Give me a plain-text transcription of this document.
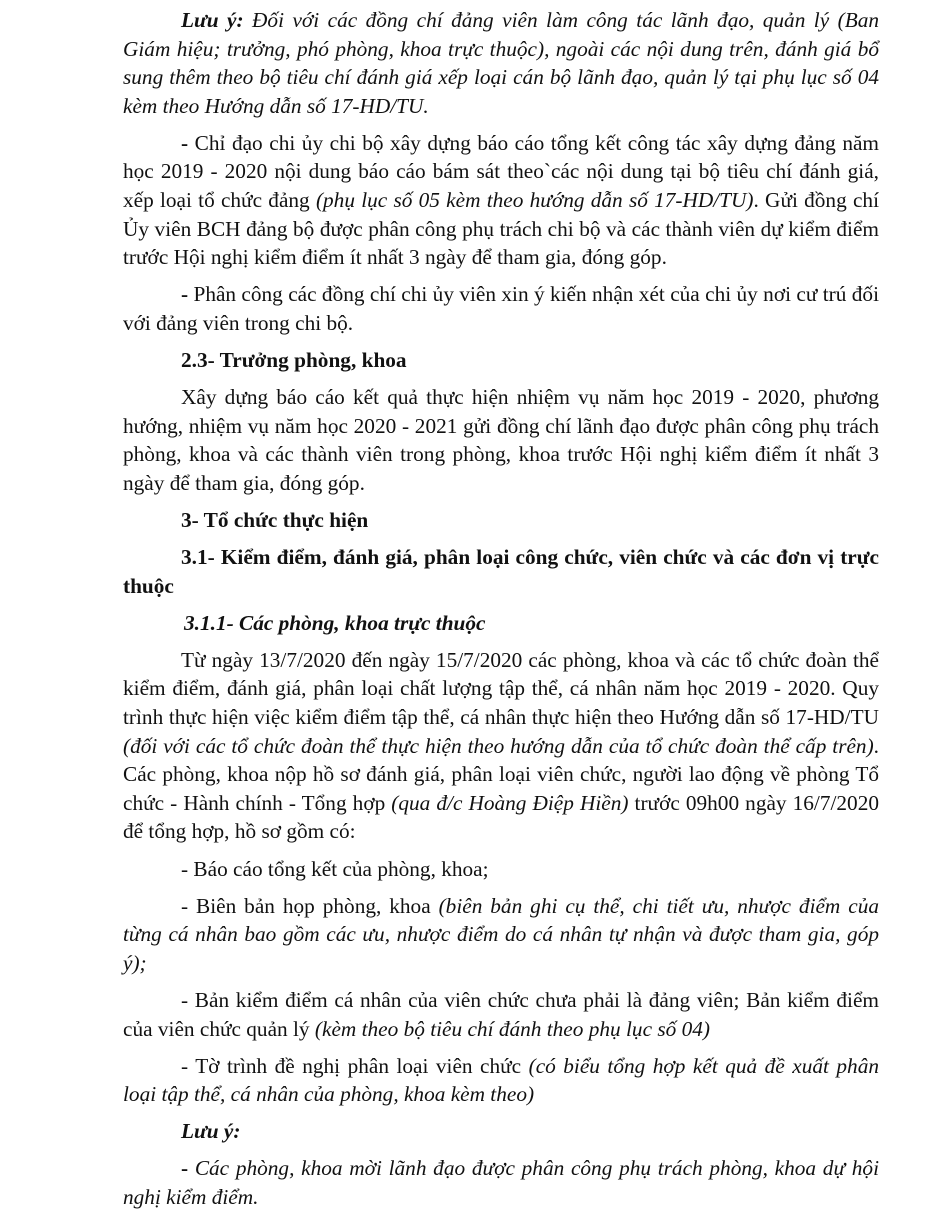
Lưu ý: Đối với các đồng chí đảng viên làm công tác lãnh đạo, quản lý (Ban Giám hiệu; trưởng, phó phòng, khoa trực thuộc), ngoài các nội dung trên, đánh giá bổ sung thêm theo bộ tiêu chí đánh giá xếp loại cán bộ lãnh đạo, quản lý tại phụ lục số 04 kèm theo Hướng dẫn số 17-HD/TU.

- Chỉ đạo chi ủy chi bộ xây dựng báo cáo tổng kết công tác xây dựng đảng năm học 2019 - 2020 nội dung báo cáo bám sát theo`các nội dung tại bộ tiêu chí đánh giá, xếp loại tổ chức đảng (phụ lục số 05 kèm theo hướng dẫn số 17-HD/TU). Gửi đồng chí Ủy viên BCH đảng bộ được phân công phụ trách chi bộ và các thành viên dự kiểm điểm trước Hội nghị kiểm điểm ít nhất 3 ngày để tham gia, đóng góp.

- Phân công các đồng chí chi ủy viên xin ý kiến nhận xét của chi ủy nơi cư trú đối với đảng viên trong chi bộ.

2.3- Trưởng phòng, khoa

Xây dựng báo cáo kết quả thực hiện nhiệm vụ năm học 2019 - 2020, phương hướng, nhiệm vụ năm học 2020 - 2021 gửi đồng chí lãnh đạo được phân công phụ trách phòng, khoa và các thành viên trong phòng, khoa trước Hội nghị kiểm điểm ít nhất 3 ngày để tham gia, đóng góp.

3- Tổ chức thực hiện

3.1- Kiểm điểm, đánh giá, phân loại công chức, viên chức và các đơn vị trực thuộc

3.1.1- Các phòng, khoa trực thuộc

Từ ngày 13/7/2020 đến ngày 15/7/2020 các phòng, khoa và các tổ chức đoàn thể kiểm điểm, đánh giá, phân loại chất lượng tập thể, cá nhân năm học 2019 - 2020. Quy trình thực hiện việc kiểm điểm tập thể, cá nhân thực hiện theo Hướng dẫn số 17-HD/TU (đối với các tổ chức đoàn thể thực hiện theo hướng dẫn của tổ chức đoàn thể cấp trên). Các phòng, khoa nộp hồ sơ đánh giá, phân loại viên chức, người lao động về phòng Tổ chức - Hành chính - Tổng hợp (qua đ/c Hoàng Điệp Hiền) trước 09h00 ngày 16/7/2020 để tổng hợp, hồ sơ gồm có:

- Báo cáo tổng kết của phòng, khoa;

- Biên bản họp phòng, khoa (biên bản ghi cụ thể, chi tiết ưu, nhược điểm của từng cá nhân bao gồm các ưu, nhược điểm do cá nhân tự nhận và được tham gia, góp ý);

- Bản kiểm điểm cá nhân của viên chức chưa phải là đảng viên; Bản kiểm điểm của viên chức quản lý (kèm theo bộ tiêu chí đánh theo phụ lục số 04)

- Tờ trình đề nghị phân loại viên chức (có biểu tổng hợp kết quả đề xuất phân loại tập thể, cá nhân của phòng, khoa kèm theo)

Lưu ý:

- Các phòng, khoa mời lãnh đạo được phân công phụ trách phòng, khoa dự hội nghị kiểm điểm.
